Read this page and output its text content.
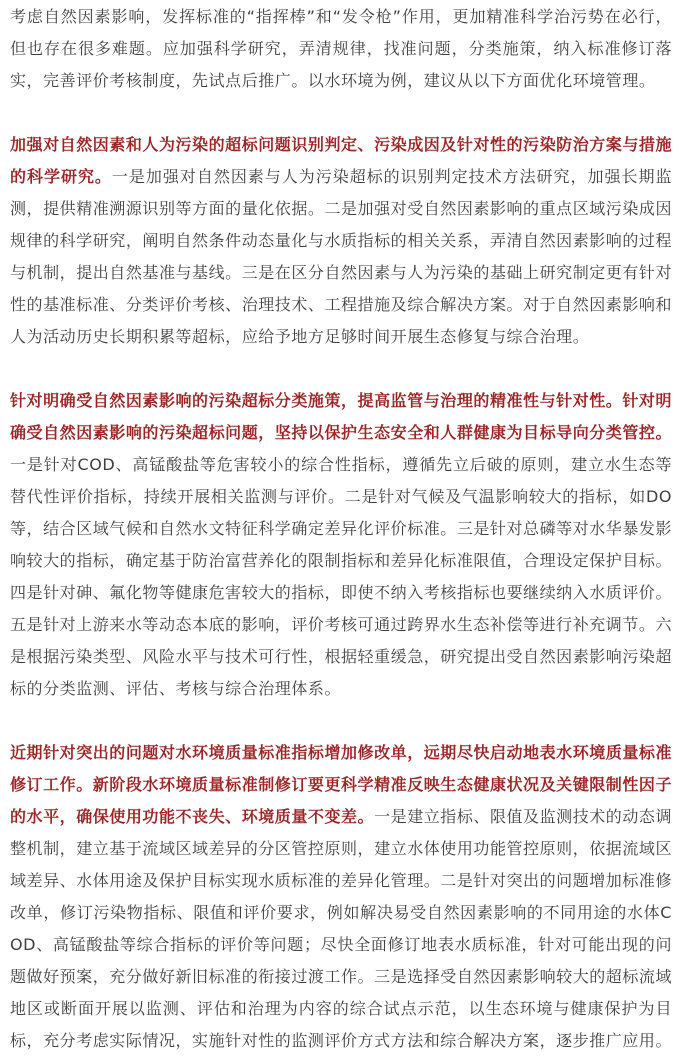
考虑自然因素影响，发挥标准的“指挥棒”和“发令枪”作用，更加精准科学治污势在必行，但也存在很多难题。应加强科学研究，弄清规律，找准问题，分类施策，纳入标准修订落实，完善评价考核制度，先试点后推广。以水环境为例，建议从以下方面优化环境管理。

加强对自然因素和人为污染的超标问题识别判定、污染成因及针对性的污染防治方案与措施的科学研究。一是加强对自然因素与人为污染超标的识别判定技术方法研究，加强长期监测，提供精准溯源识别等方面的量化依据。二是加强对受自然因素影响的重点区域污染成因规律的科学研究，阐明自然条件动态量化与水质指标的相关关系，弄清自然因素影响的过程与机制，提出自然基准与基线。三是在区分自然因素与人为污染的基础上研究制定更有针对性的基准标准、分类评价考核、治理技术、工程措施及综合解决方案。对于自然因素影响和人为活动历史长期积累等超标，应给予地方足够时间开展生态修复与综合治理。

针对明确受自然因素影响的污染超标分类施策，提高监管与治理的精准性与针对性。针对明确受自然因素影响的污染超标问题，坚持以保护生态安全和人群健康为目标导向分类管控。一是针对COD、高锰酸盐等危害较小的综合性指标，遵循先立后破的原则，建立水生态等替代性评价指标，持续开展相关监测与评价。二是针对气候及气温影响较大的指标，如DO等，结合区域气候和自然水文特征科学确定差异化评价标准。三是针对总磷等对水华暴发影响较大的指标，确定基于防治富营养化的限制指标和差异化标准限值，合理设定保护目标。四是针对砷、氟化物等健康危害较大的指标，即使不纳入考核指标也要继续纳入水质评价。五是针对上游来水等动态本底的影响，评价考核可通过跨界水生态补偿等进行补充调节。六是根据污染类型、风险水平与技术可行性，根据轻重缓急，研究提出受自然因素影响污染超标的分类监测、评估、考核与综合治理体系。

近期针对突出的问题对水环境质量标准指标增加修改单，远期尽快启动地表水环境质量标准修订工作。新阶段水环境质量标准制修订要更科学精准反映生态健康状况及关键限制性因子的水平，确保使用功能不丧失、环境质量不变差。一是建立指标、限值及监测技术的动态调整机制，建立基于流域区域差异的分区管控原则，建立水体使用功能管控原则，依据流域区域差异、水体用途及保护目标实现水质标准的差异化管理。二是针对突出的问题增加标准修改单，修订污染物指标、限值和评价要求，例如解决易受自然因素影响的不同用途的水体COD、高锰酸盐等综合指标的评价等问题；尽快全面修订地表水质标准，针对可能出现的问题做好预案，充分做好新旧标准的衔接过渡工作。三是选择受自然因素影响较大的超标流域地区或断面开展以监测、评估和治理为内容的综合试点示范，以生态环境与健康保护为目标，充分考虑实际情况，实施针对性的监测评价方式方法和综合解决方案，逐步推广应用。
